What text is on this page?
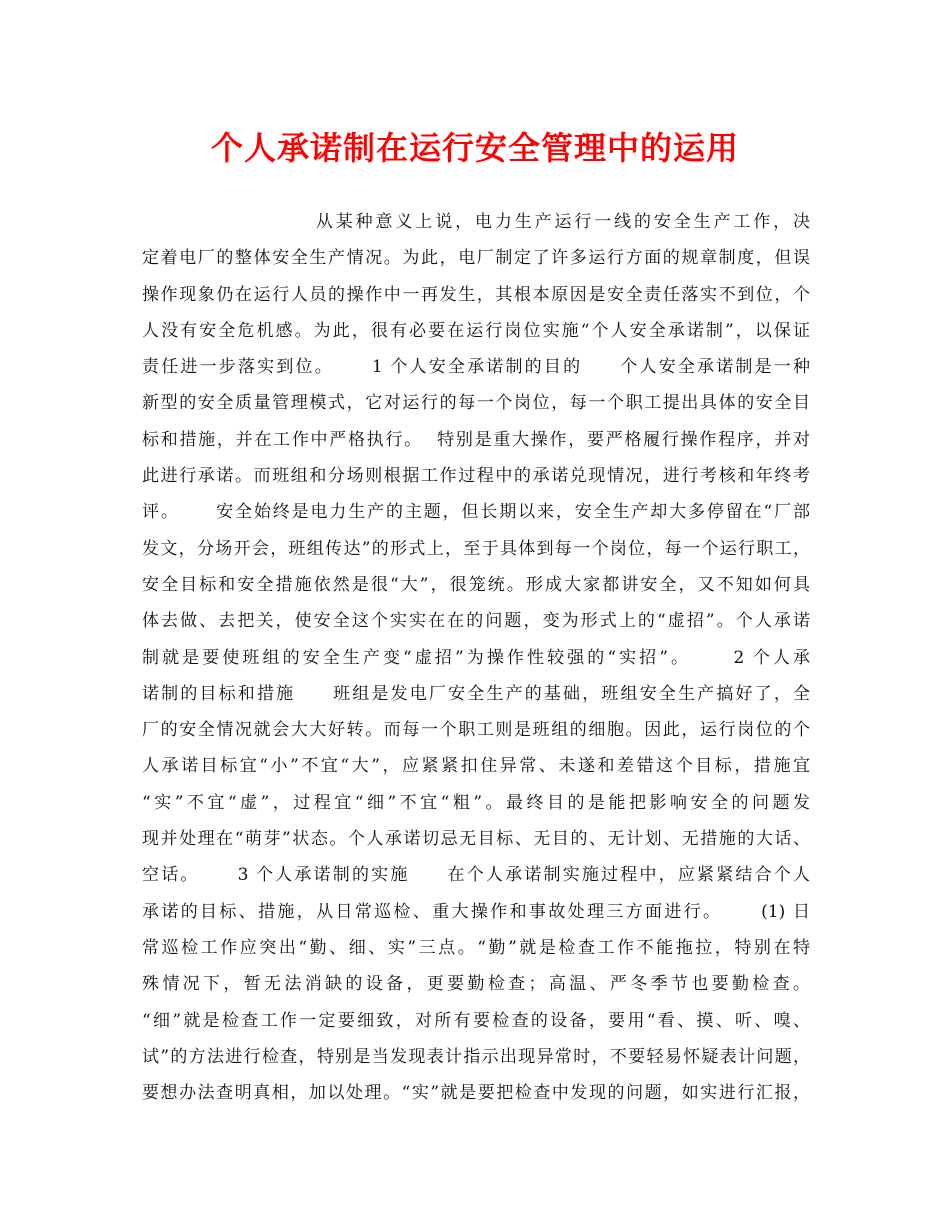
个人承诺制在运行安全管理中的运用
从某种意义上说，电力生产运行一线的安全生产工作，决
定着电厂的整体安全生产情况。为此，电厂制定了许多运行方面的规章制度，但误
操作现象仍在运行人员的操作中一再发生，其根本原因是安全责任落实不到位，个
人没有安全危机感。为此，很有必要在运行岗位实施“个人安全承诺制”，以保证
责任进一步落实到位。     1 个人安全承诺制的目的     个人安全承诺制是一种
新型的安全质量管理模式，它对运行的每一个岗位，每一个职工提出具体的安全目
标和措施，并在工作中严格执行。  特别是重大操作，要严格履行操作程序，并对
此进行承诺。而班组和分场则根据工作过程中的承诺兑现情况，进行考核和年终考
评。     安全始终是电力生产的主题，但长期以来，安全生产却大多停留在“厂部
发文，分场开会，班组传达”的形式上，至于具体到每一个岗位，每一个运行职工，
安全目标和安全措施依然是很“大”，很笼统。形成大家都讲安全，又不知如何具
体去做、去把关，使安全这个实实在在的问题，变为形式上的“虚招”。个人承诺
制就是要使班组的安全生产变“虚招”为操作性较强的“实招”。     2 个人承
诺制的目标和措施     班组是发电厂安全生产的基础，班组安全生产搞好了，全
厂的安全情况就会大大好转。而每一个职工则是班组的细胞。因此，运行岗位的个
人承诺目标宜“小”不宜“大”，应紧紧扣住异常、未遂和差错这个目标，措施宜
“实”不宜“虚”，过程宜“细”不宜“粗”。最终目的是能把影响安全的问题发
现并处理在“萌芽”状态。个人承诺切忌无目标、无目的、无计划、无措施的大话、
空话。     3 个人承诺制的实施     在个人承诺制实施过程中，应紧紧结合个人
承诺的目标、措施，从日常巡检、重大操作和事故处理三方面进行。     (1) 日
常巡检工作应突出“勤、细、实”三点。“勤”就是检查工作不能拖拉，特别在特
殊情况下，暂无法消缺的设备，更要勤检查；高温、严冬季节也要勤检查。
“细”就是检查工作一定要细致，对所有要检查的设备，要用“看、摸、听、嗅、
试”的方法进行检查，特别是当发现表计指示出现异常时，不要轻易怀疑表计问题，
要想办法查明真相，加以处理。“实”就是要把检查中发现的问题，如实进行汇报，
